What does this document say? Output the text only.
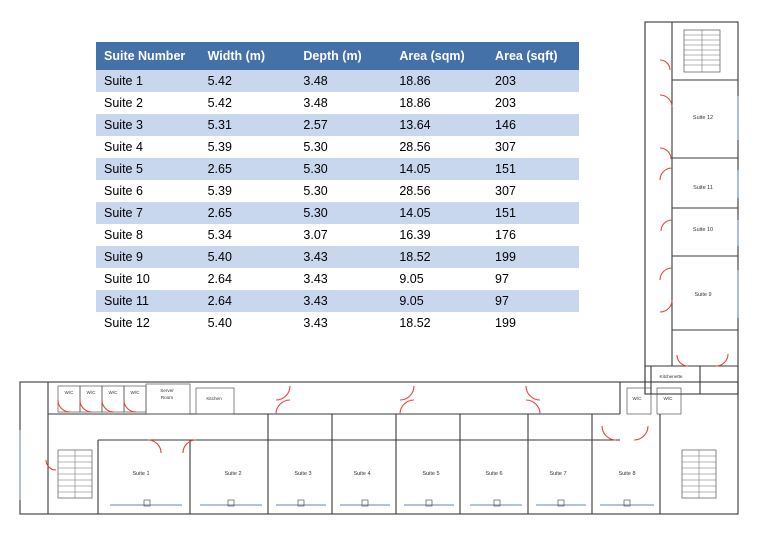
Suite 1	Suite 2	Suite 3	Suite 4	Suite 5	Suite 6	Suite 7	Suite 8
Suite 12
Suite 11
Suite 10
Suite 9
W/C	W/C	W/C	W/C	Server
Room	Kitchen
Kitchenette
W/C	W/C
Suite Number	Width (m)	Depth (m)	Area (sqm)	Area (sqft)
Suite 1	5.42	3.48	18.86	203
Suite 2	5.42	3.48	18.86	203
Suite 3	5.31	2.57	13.64	146
Suite 4	5.39	5.30	28.56	307
Suite 5	2.65	5.30	14.05	151
Suite 6	5.39	5.30	28.56	307
Suite 7	2.65	5.30	14.05	151
Suite 8	5.34	3.07	16.39	176
Suite 9	5.40	3.43	18.52	199
Suite 10	2.64	3.43	9.05	97
Suite 11	2.64	3.43	9.05	97
Suite 12	5.40	3.43	18.52	199
